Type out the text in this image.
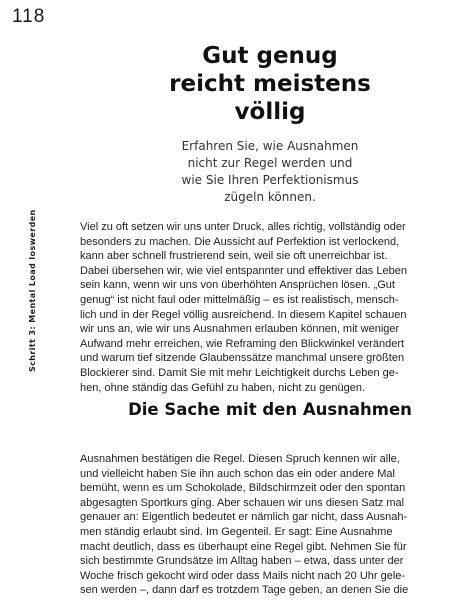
118
Gut genug
reicht meistens
völlig

Erfahren Sie, wie Ausnahmen
nicht zur Regel werden und
wie Sie Ihren Perfektionismus
zügeln können.

Schritt 3: Mental Load loswerden	Viel zu oft setzen wir uns unter Druck, alles richtig, vollständig oder
besonders zu machen. Die Aussicht auf Perfektion ist verlockend,
kann aber schnell frustrierend sein, weil sie oft unerreichbar ist.
Dabei übersehen wir, wie viel entspannter und effektiver das Leben
sein kann, wenn wir uns von überhöhten Ansprüchen lösen. „Gut
genug“ ist nicht faul oder mittelmäßig – es ist realistisch, mensch-
lich und in der Regel völlig ausreichend. In diesem Kapitel schauen
wir uns an, wie wir uns Ausnahmen erlauben können, mit weniger
Aufwand mehr erreichen, wie Reframing den Blickwinkel verändert
und warum tief sitzende Glaubenssätze manchmal unsere größten
Blockierer sind. Damit Sie mit mehr Leichtigkeit durchs Leben ge-
hen, ohne ständig das Gefühl zu haben, nicht zu genügen.

Die Sache mit den Ausnahmen

Ausnahmen bestätigen die Regel. Diesen Spruch kennen wir alle,
und vielleicht haben Sie ihn auch schon das ein oder andere Mal
bemüht, wenn es um Schokolade, Bildschirmzeit oder den spontan
abgesagten Sportkurs ging. Aber schauen wir uns diesen Satz mal
genauer an: Eigentlich bedeutet er nämlich gar nicht, dass Ausnah-
men ständig erlaubt sind. Im Gegenteil. Er sagt: Eine Ausnahme
macht deutlich, dass es überhaupt eine Regel gibt. Nehmen Sie für
sich bestimmte Grundsätze im Alltag haben – etwa, dass unter der
Woche frisch gekocht wird oder dass Mails nicht nach 20 Uhr gele-
sen werden –, dann darf es trotzdem Tage geben, an denen Sie die
